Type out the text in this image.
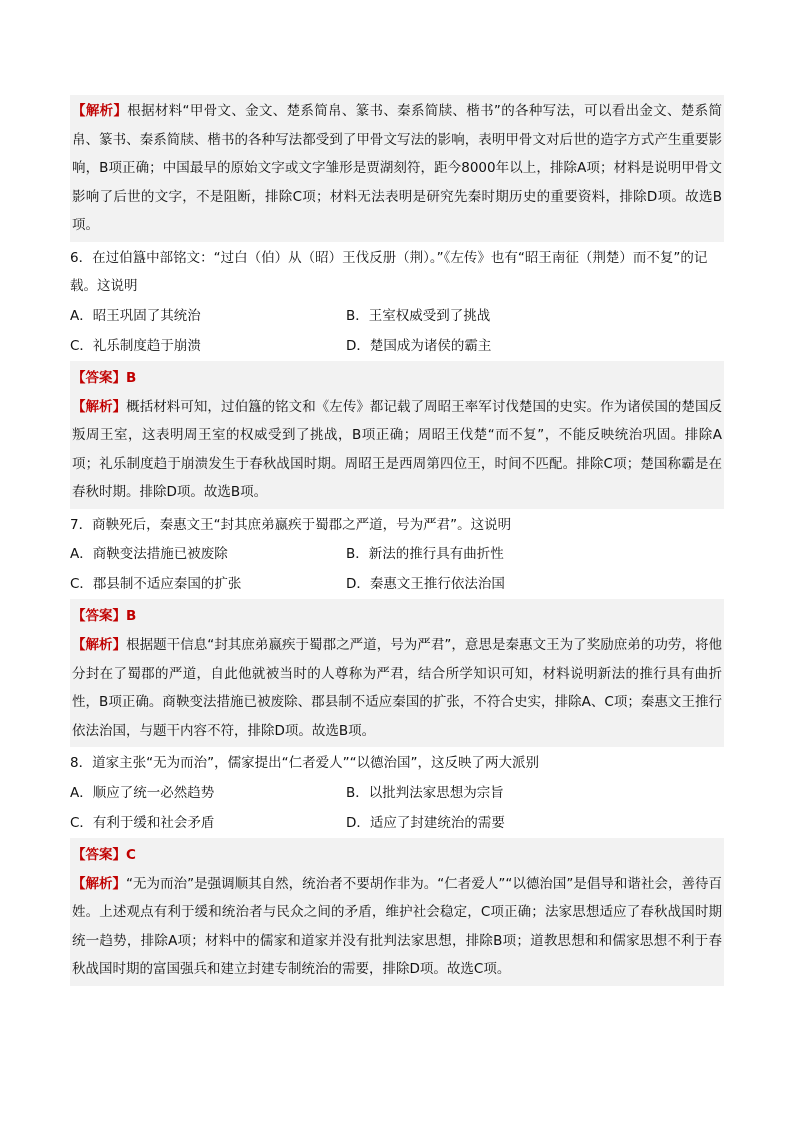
【解析】根据材料“甲骨文、金文、楚系简帛、篆书、秦系简牍、楷书”的各种写法，可以看出金文、楚系简帛、篆书、秦系简牍、楷书的各种写法都受到了甲骨文写法的影响，表明甲骨文对后世的造字方式产生重要影响，B项正确；中国最早的原始文字或文字雏形是贾湖刻符，距今8000年以上，排除A项；材料是说明甲骨文影响了后世的文字，不是阻断，排除C项；材料无法表明是研究先秦时期历史的重要资料，排除D项。故选B项。

6．在过伯簋中部铭文：“过白（伯）从（昭）王伐反册（荆）。”《左传》也有“昭王南征（荆楚）而不复”的记载。这说明

A．昭王巩固了其统治	B．王室权威受到了挑战
C．礼乐制度趋于崩溃	D．楚国成为诸侯的霸主

【答案】B

【解析】概括材料可知，过伯簋的铭文和《左传》都记载了周昭王率军讨伐楚国的史实。作为诸侯国的楚国反叛周王室，这表明周王室的权威受到了挑战，B项正确；周昭王伐楚“而不复”，不能反映统治巩固。排除A项；礼乐制度趋于崩溃发生于春秋战国时期。周昭王是西周第四位王，时间不匹配。排除C项；楚国称霸是在春秋时期。排除D项。故选B项。

7．商鞅死后，秦惠文王“封其庶弟嬴疾于蜀郡之严道，号为严君”。这说明

A．商鞅变法措施已被废除	B．新法的推行具有曲折性
C．郡县制不适应秦国的扩张	D．秦惠文王推行依法治国

【答案】B

【解析】根据题干信息“封其庶弟嬴疾于蜀郡之严道，号为严君”，意思是秦惠文王为了奖励庶弟的功劳，将他分封在了蜀郡的严道，自此他就被当时的人尊称为严君，结合所学知识可知，材料说明新法的推行具有曲折性，B项正确。商鞅变法措施已被废除、郡县制不适应秦国的扩张，不符合史实，排除A、C项；秦惠文王推行依法治国，与题干内容不符，排除D项。故选B项。

8．道家主张“无为而治”，儒家提出“仁者爱人”“以德治国”，这反映了两大派别

A．顺应了统一必然趋势	B．以批判法家思想为宗旨
C．有利于缓和社会矛盾	D．适应了封建统治的需要

【答案】C

【解析】“无为而治”是强调顺其自然，统治者不要胡作非为。“仁者爱人”“以德治国”是倡导和谐社会，善待百姓。上述观点有利于缓和统治者与民众之间的矛盾，维护社会稳定，C项正确；法家思想适应了春秋战国时期统一趋势，排除A项；材料中的儒家和道家并没有批判法家思想，排除B项；道教思想和和儒家思想不利于春秋战国时期的富国强兵和建立封建专制统治的需要，排除D项。故选C项。
